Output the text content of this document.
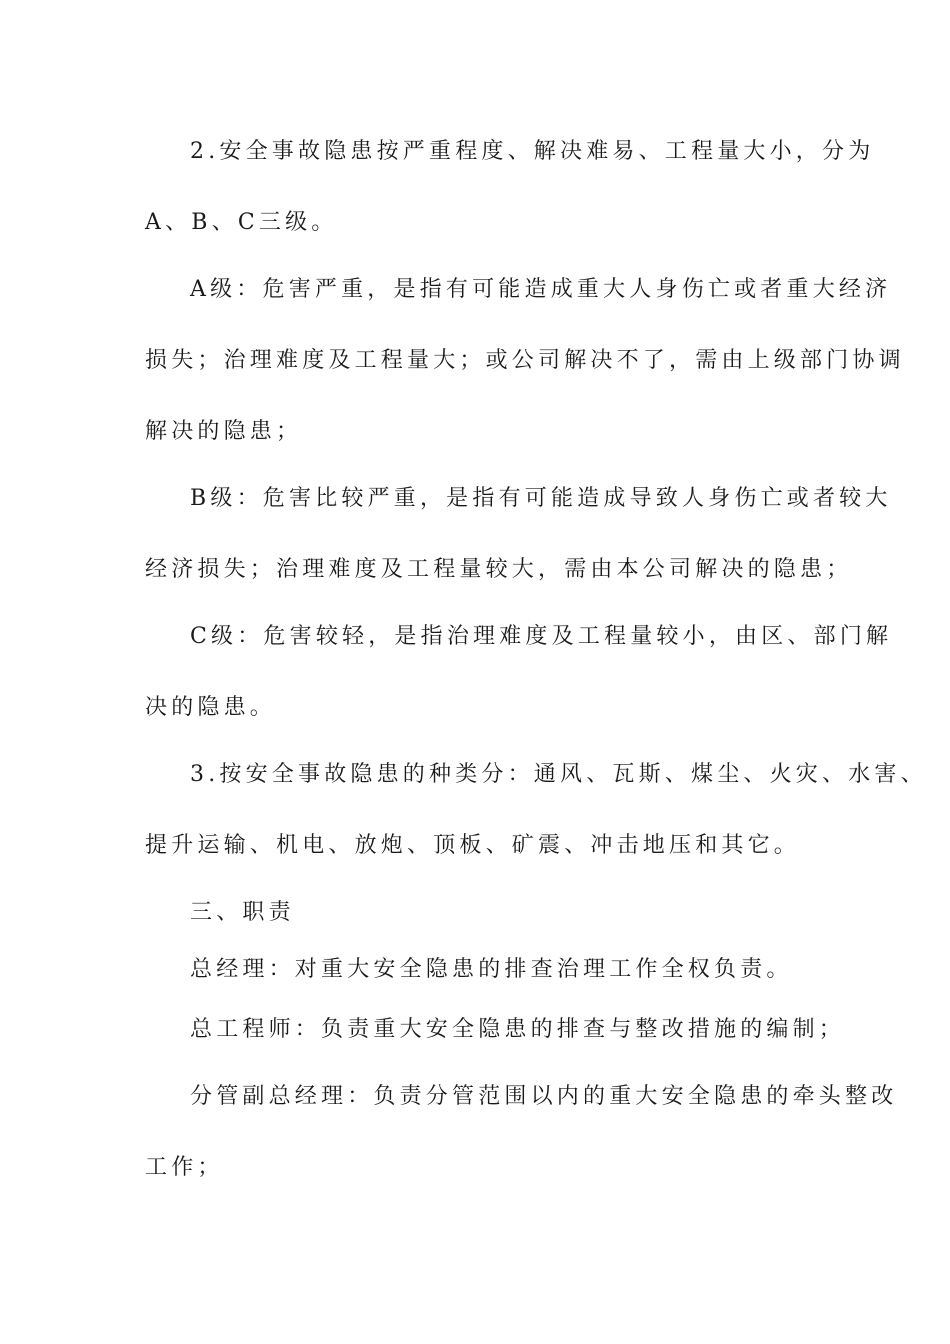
2.安全事故隐患按严重程度、解决难易、工程量大小，分为
A、B、C三级。
A级：危害严重，是指有可能造成重大人身伤亡或者重大经济
损失；治理难度及工程量大；或公司解决不了，需由上级部门协调
解决的隐患；
B级：危害比较严重，是指有可能造成导致人身伤亡或者较大
经济损失；治理难度及工程量较大，需由本公司解决的隐患；
C级：危害较轻，是指治理难度及工程量较小，由区、部门解
决的隐患。
3.按安全事故隐患的种类分：通风、瓦斯、煤尘、火灾、水害、
提升运输、机电、放炮、顶板、矿震、冲击地压和其它。
三、职责
总经理：对重大安全隐患的排查治理工作全权负责。
总工程师：负责重大安全隐患的排查与整改措施的编制；
分管副总经理：负责分管范围以内的重大安全隐患的牵头整改
工作；
